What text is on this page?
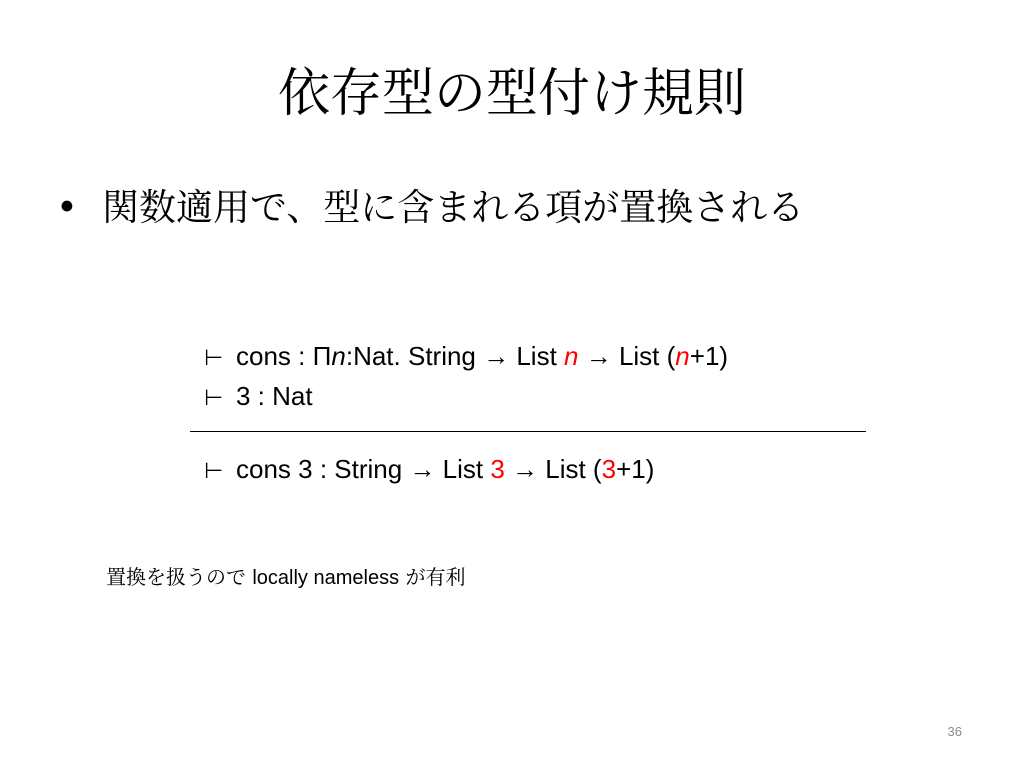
依存型の型付け規則
• 関数適用で、型に含まれる項が置換される
⊢ cons : Πn:Nat. String → List n → List (n+1)
⊢ 3 : Nat
⊢ cons 3 : String → List 3 → List (3+1)
置換を扱うので locally nameless が有利
36
